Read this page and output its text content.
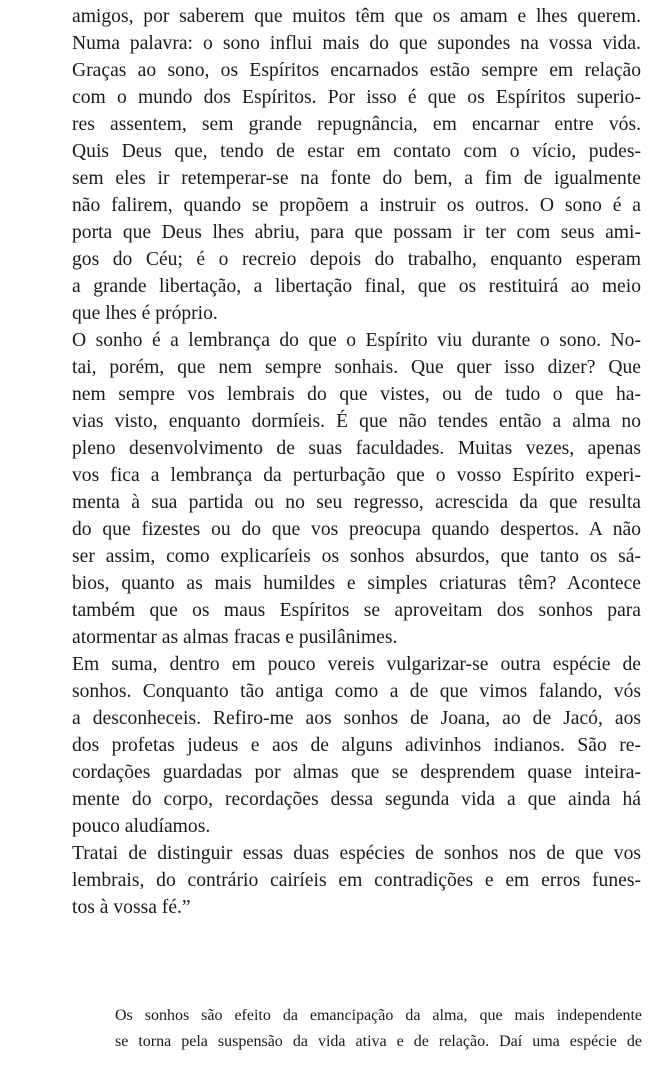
amigos, por saberem que muitos têm que os amam e lhes querem.
Numa palavra: o sono influi mais do que supondes na vossa vida.
Graças ao sono, os Espíritos encarnados estão sempre em relação
com o mundo dos Espíritos. Por isso é que os Espíritos superio-
res assentem, sem grande repugnância, em encarnar entre vós.
Quis Deus que, tendo de estar em contato com o vício, pudes-
sem eles ir retemperar-se na fonte do bem, a fim de igualmente
não falirem, quando se propõem a instruir os outros. O sono é a
porta que Deus lhes abriu, para que possam ir ter com seus ami-
gos do Céu; é o recreio depois do trabalho, enquanto esperam
a grande libertação, a libertação final, que os restituirá ao meio
que lhes é próprio.
O sonho é a lembrança do que o Espírito viu durante o sono. No-
tai, porém, que nem sempre sonhais. Que quer isso dizer? Que
nem sempre vos lembrais do que vistes, ou de tudo o que ha-
vias visto, enquanto dormíeis. É que não tendes então a alma no
pleno desenvolvimento de suas faculdades. Muitas vezes, apenas
vos fica a lembrança da perturbação que o vosso Espírito experi-
menta à sua partida ou no seu regresso, acrescida da que resulta
do que fizestes ou do que vos preocupa quando despertos. A não
ser assim, como explicaríeis os sonhos absurdos, que tanto os sá-
bios, quanto as mais humildes e simples criaturas têm? Acontece
também que os maus Espíritos se aproveitam dos sonhos para
atormentar as almas fracas e pusilânimes.
Em suma, dentro em pouco vereis vulgarizar-se outra espécie de
sonhos. Conquanto tão antiga como a de que vimos falando, vós
a desconheceis. Refiro-me aos sonhos de Joana, ao de Jacó, aos
dos profetas judeus e aos de alguns adivinhos indianos. São re-
cordações guardadas por almas que se desprendem quase inteira-
mente do corpo, recordações dessa segunda vida a que ainda há
pouco aludíamos.
Tratai de distinguir essas duas espécies de sonhos nos de que vos
lembrais, do contrário cairíeis em contradições e em erros funes-
tos à vossa fé.”
Os sonhos são efeito da emancipação da alma, que mais independente
se torna pela suspensão da vida ativa e de relação. Daí uma espécie de
